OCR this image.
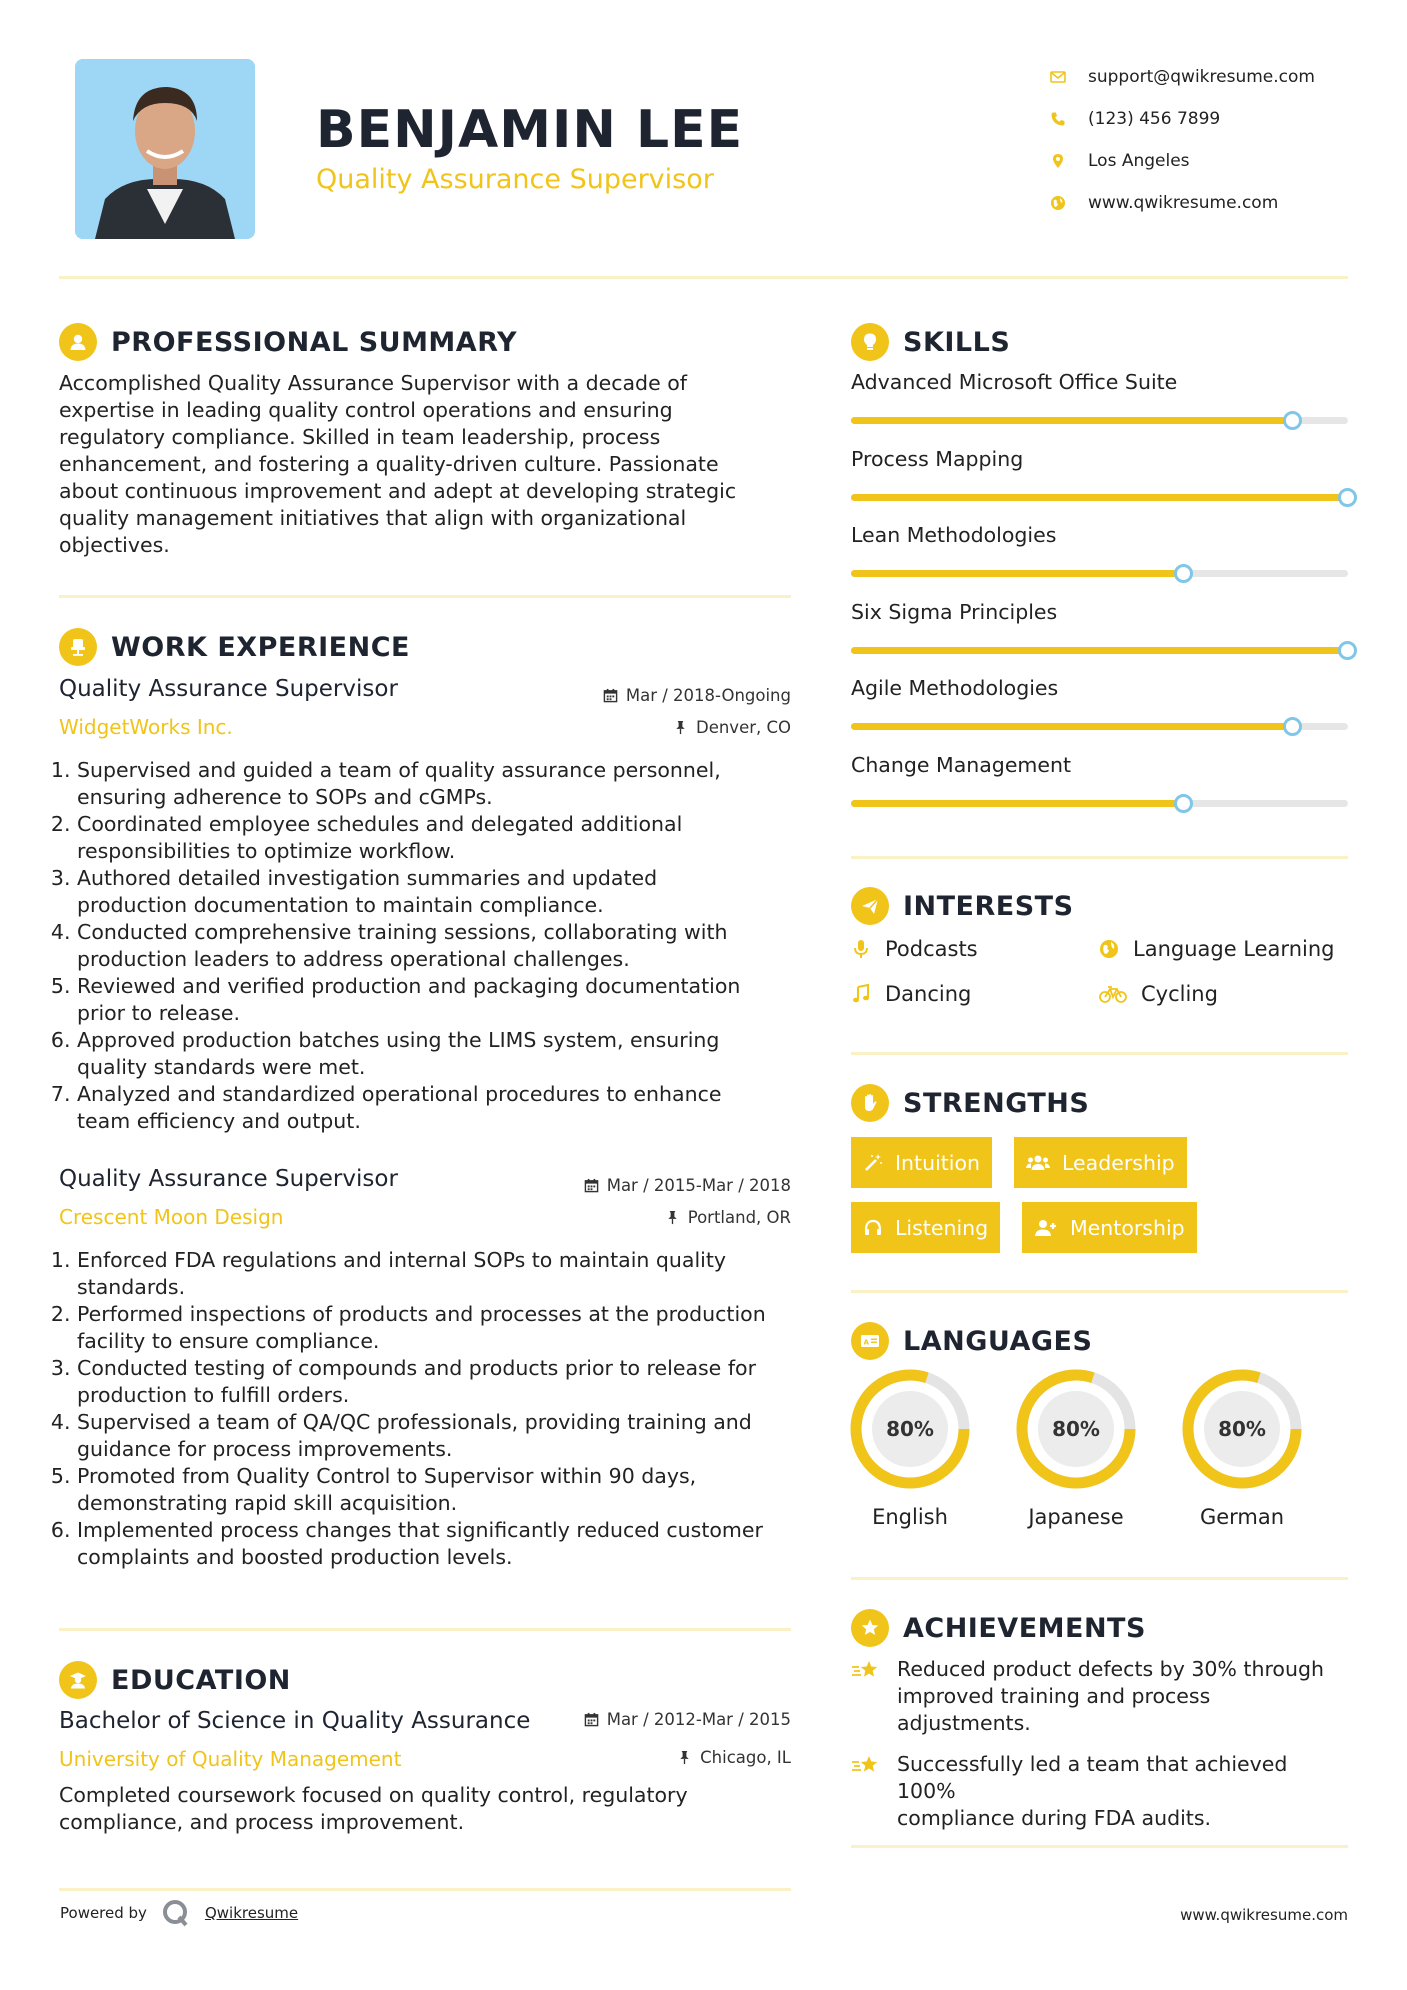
BENJAMIN LEE
Quality Assurance Supervisor
support@qwikresume.com
(123) 456 7899
Los Angeles
www.qwikresume.com
PROFESSIONAL SUMMARY
Accomplished Quality Assurance Supervisor with a decade of
expertise in leading quality control operations and ensuring
regulatory compliance. Skilled in team leadership, process
enhancement, and fostering a quality-driven culture. Passionate
about continuous improvement and adept at developing strategic
quality management initiatives that align with organizational
objectives.
WORK EXPERIENCE
Quality Assurance Supervisor
WidgetWorks Inc.
Mar / 2018-Ongoing
Denver, CO
1. Supervised and guided a team of quality assurance personnel,
ensuring adherence to SOPs and cGMPs.
2. Coordinated employee schedules and delegated additional
responsibilities to optimize workflow.
3. Authored detailed investigation summaries and updated
production documentation to maintain compliance.
4. Conducted comprehensive training sessions, collaborating with
production leaders to address operational challenges.
5. Reviewed and verified production and packaging documentation
prior to release.
6. Approved production batches using the LIMS system, ensuring
quality standards were met.
7. Analyzed and standardized operational procedures to enhance
team efficiency and output.
Quality Assurance Supervisor
Crescent Moon Design
Mar / 2015-Mar / 2018
Portland, OR
1. Enforced FDA regulations and internal SOPs to maintain quality
standards.
2. Performed inspections of products and processes at the production
facility to ensure compliance.
3. Conducted testing of compounds and products prior to release for
production to fulfill orders.
4. Supervised a team of QA/QC professionals, providing training and
guidance for process improvements.
5. Promoted from Quality Control to Supervisor within 90 days,
demonstrating rapid skill acquisition.
6. Implemented process changes that significantly reduced customer
complaints and boosted production levels.
EDUCATION
Bachelor of Science in Quality Assurance
University of Quality Management
Mar / 2012-Mar / 2015
Chicago, IL
Completed coursework focused on quality control, regulatory
compliance, and process improvement.
Powered by	Qwikresume	www.qwikresume.com
SKILLS
Advanced Microsoft Office Suite
Process Mapping
Lean Methodologies
Six Sigma Principles
Agile Methodologies
Change Management
INTERESTS
Podcasts	Language Learning
Dancing	Cycling
STRENGTHS
Intuition	Leadership
Listening	Mentorship
A LANGUAGES
80%
English
80%
Japanese
80%
German
ACHIEVEMENTS
Reduced product defects by 30% through
improved training and process
adjustments.
Successfully led a team that achieved 100%
compliance during FDA audits.
